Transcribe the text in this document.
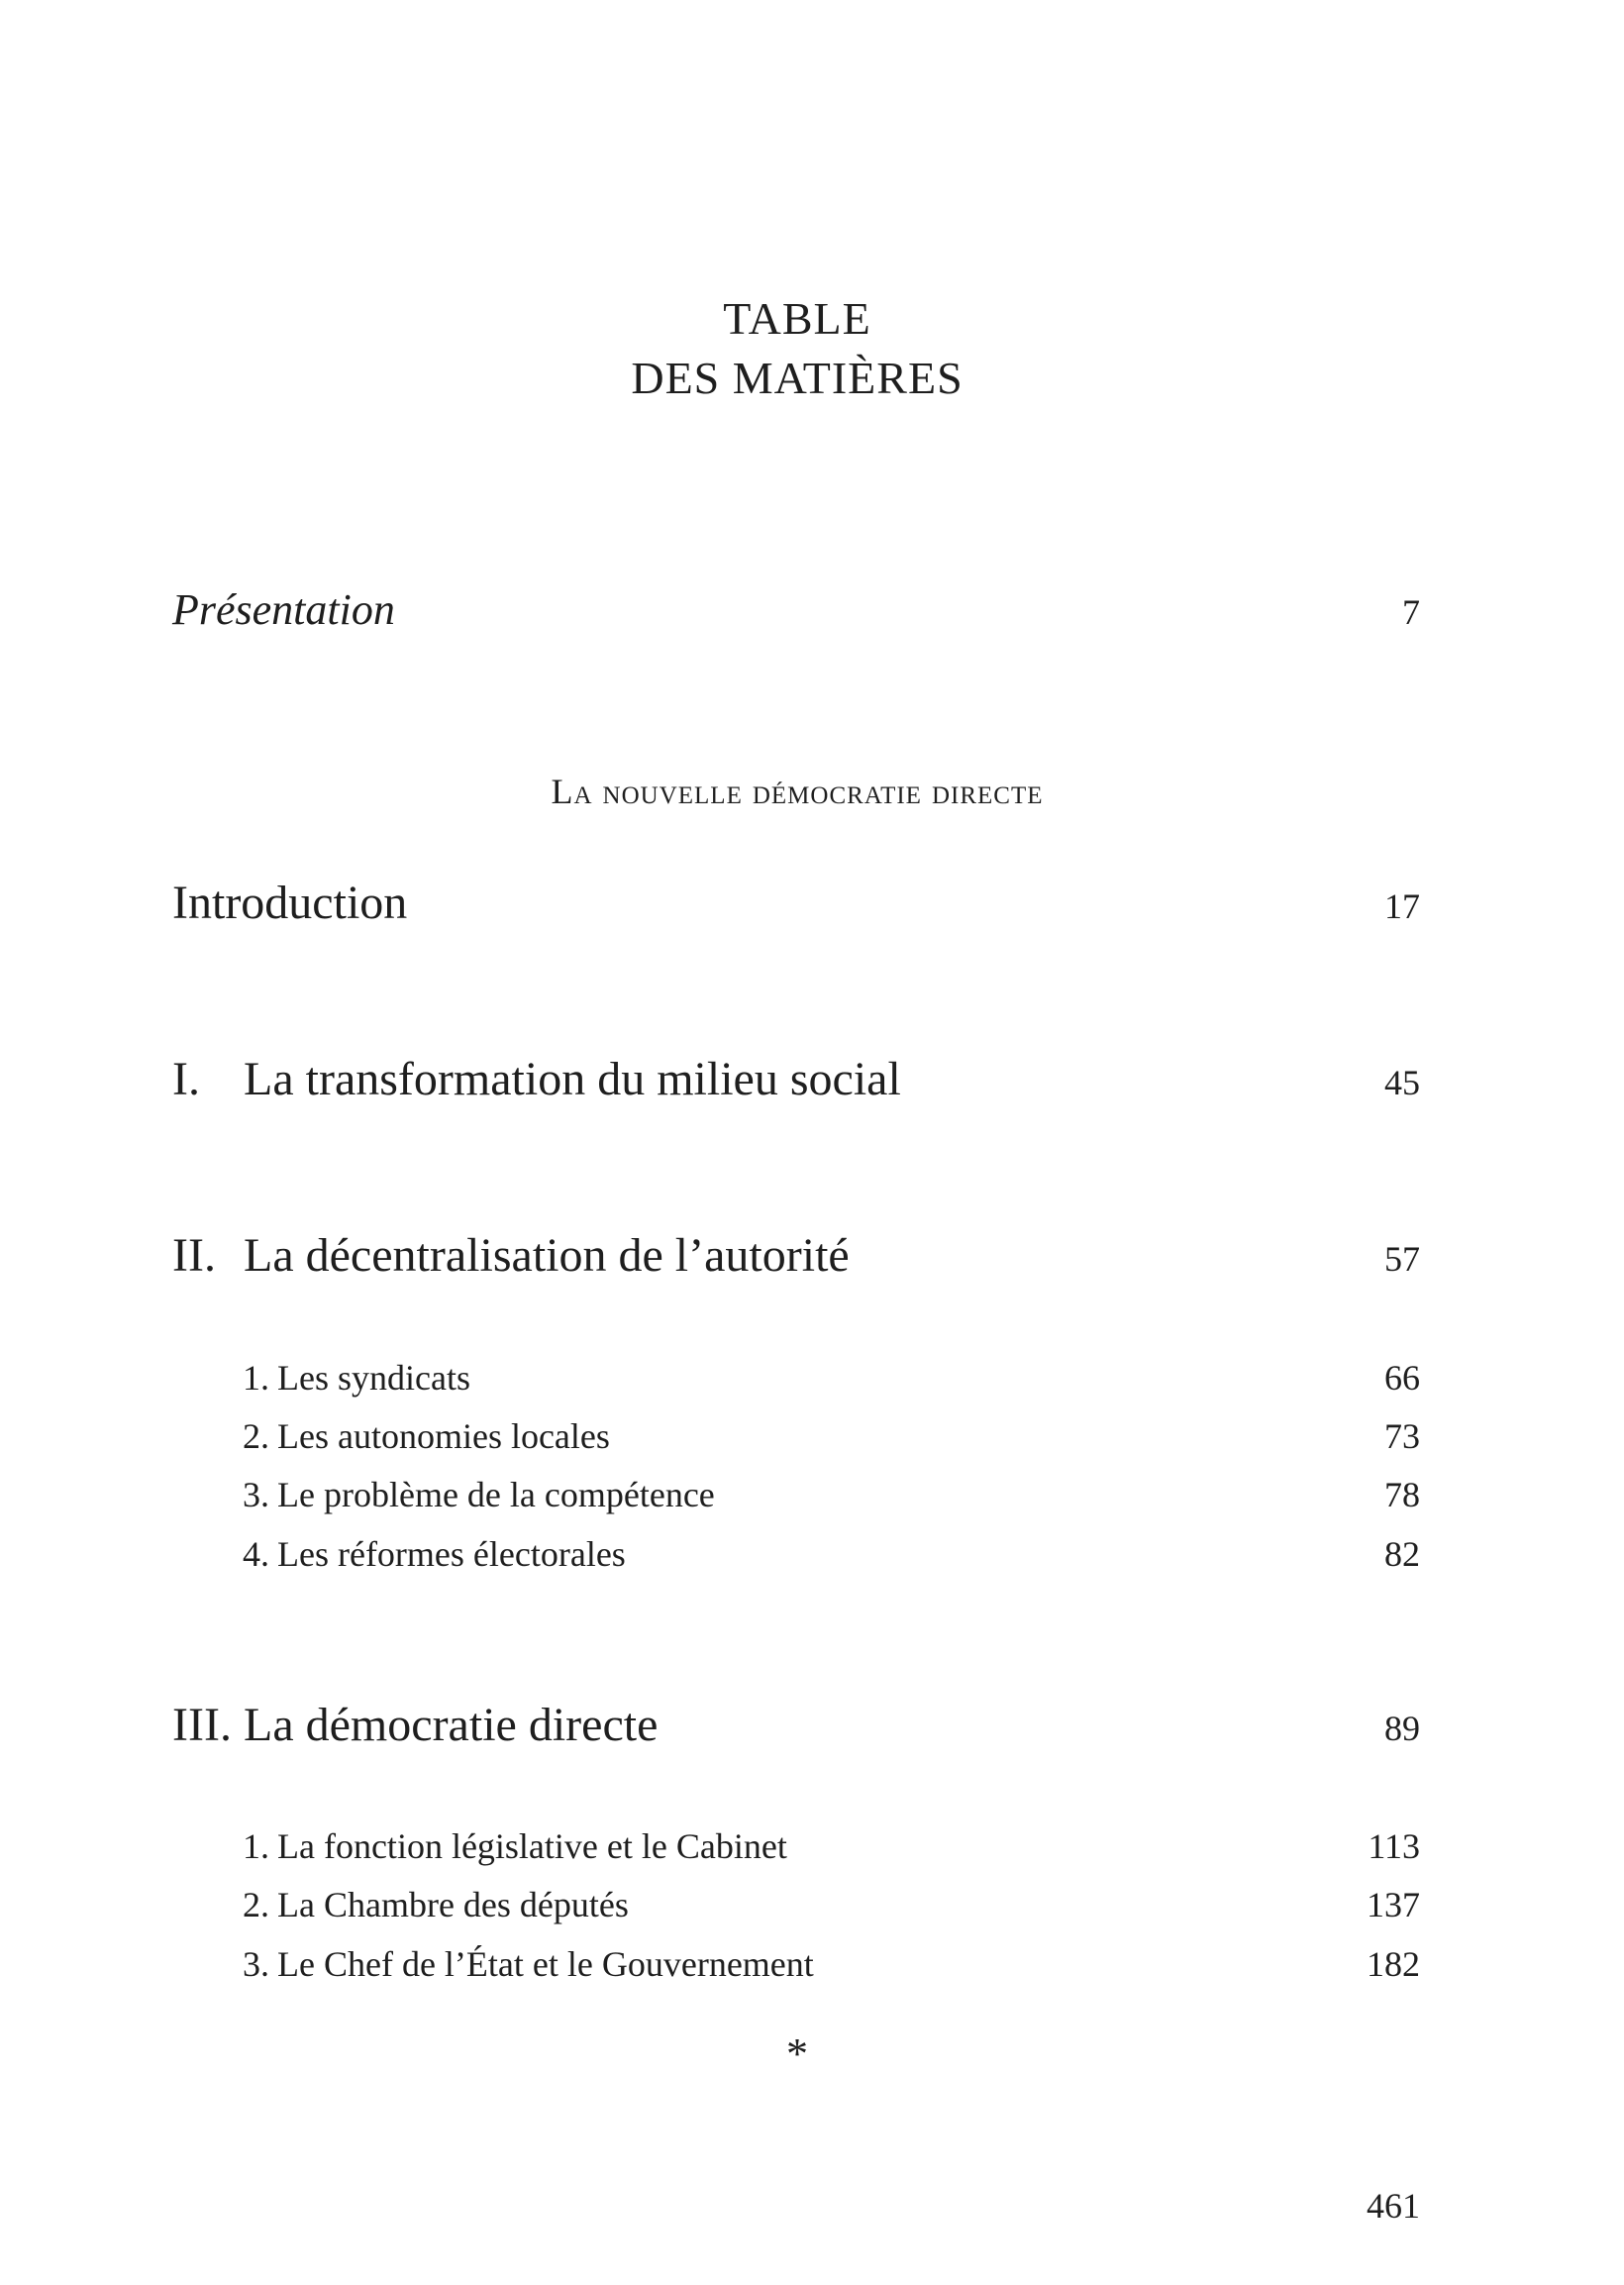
TABLE
DES MATIÈRES
Présentation	7
La nouvelle démocratie directe
Introduction	17
I. La transformation du milieu social	45
II. La décentralisation de l’autorité	57
1. Les syndicats	66
2. Les autonomies locales	73
3. Le problème de la compétence	78
4. Les réformes électorales	82
III. La démocratie directe	89
1. La fonction législative et le Cabinet	113
2. La Chambre des députés	137
3. Le Chef de l’État et le Gouvernement	182
*
461
